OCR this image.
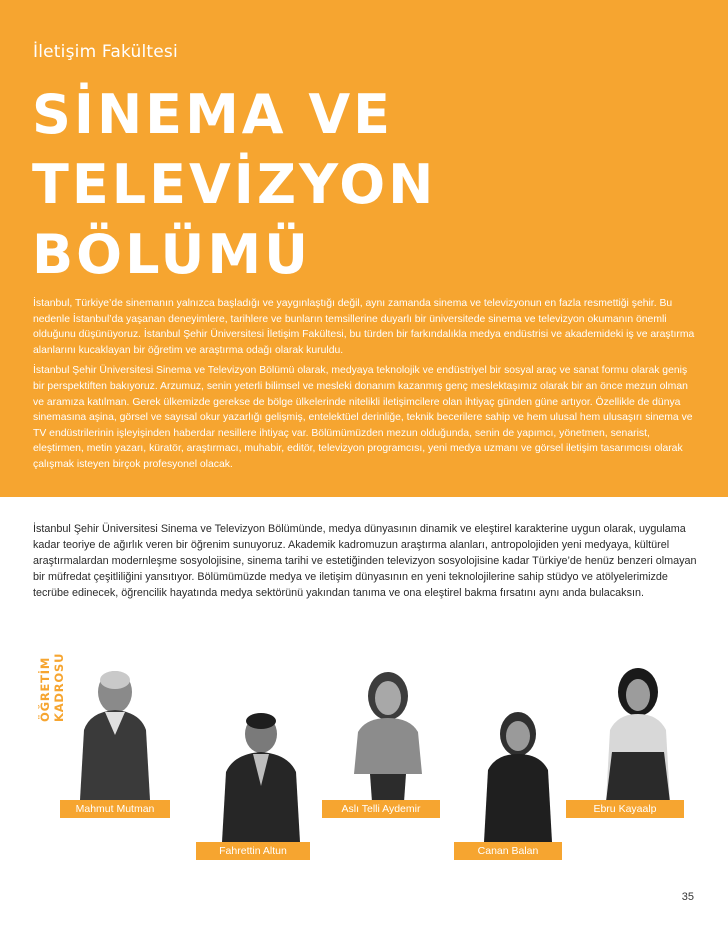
İletişim Fakültesi
SİNEMA VE
TELEVİZYON
BÖLÜMÜ

İstanbul, Türkiye’de sinemanın yalnızca başladığı ve yaygınlaştığı değil, aynı zamanda sinema ve televizyonun en fazla resmettiği şehir. Bu nedenle İstanbul’da yaşanan deneyimlere, tarihlere ve bunların temsillerine duyarlı bir üniversitede sinema ve televizyon okumanın önemli olduğunu düşünüyoruz. İstanbul Şehir Üniversitesi İletişim Fakültesi, bu türden bir farkındalıkla medya endüstrisi ve akademideki iş ve araştırma alanlarını kucaklayan bir öğretim ve araştırma odağı olarak kuruldu.

İstanbul Şehir Üniversitesi Sinema ve Televizyon Bölümü olarak, medyaya teknolojik ve endüstriyel bir sosyal araç ve sanat formu olarak geniş bir perspektiften bakıyoruz. Arzumuz, senin yeterli bilimsel ve mesleki donanım kazanmış genç meslektaşımız olarak bir an önce mezun olman ve aramıza katılman. Gerek ülkemizde gerekse de bölge ülkelerinde nitelikli iletişimcilere olan ihtiyaç günden güne artıyor. Özellikle de dünya sinemasına aşina, görsel ve sayısal okur yazarlığı gelişmiş, entelektüel derinliğe, teknik becerilere sahip ve hem ulusal hem ulusaşırı sinema ve TV endüstrilerinin işleyişinden haberdar nesillere ihtiyaç var. Bölümümüzden mezun olduğunda, senin de yapımcı, yönetmen, senarist, eleştirmen, metin yazarı, küratör, araştırmacı, muhabir, editör, televizyon programcısı, yeni medya uzmanı ve görsel iletişim tasarımcısı olarak çalışmak isteyen birçok profesyonel olacak.

İstanbul Şehir Üniversitesi Sinema ve Televizyon Bölümünde, medya dünyasının dinamik ve eleştirel karakterine uygun olarak, uygulama kadar teoriye de ağırlık veren bir öğrenim sunuyoruz. Akademik kadromuzun araştırma alanları, antropolojiden yeni medyaya, kültürel araştırmalardan modernleşme sosyolojisine, sinema tarihi ve estetiğinden televizyon sosyolojisine kadar Türkiye’de henüz benzeri olmayan bir müfredat çeşitliliğini yansıtıyor. Bölümümüzde medya ve iletişim dünyasının en yeni teknolojilerine sahip stüdyo ve atölyelerimizde tecrübe edinecek, öğrencilik hayatında medya sektörünü yakından tanıma ve ona eleştirel bakma fırsatını aynı anda bulacaksın.
ÖĞRETİM KADROSU
Mahmut Mutman
Fahrettin Altun
Aslı Telli Aydemir
Canan Balan
Ebru Kayaalp
35
